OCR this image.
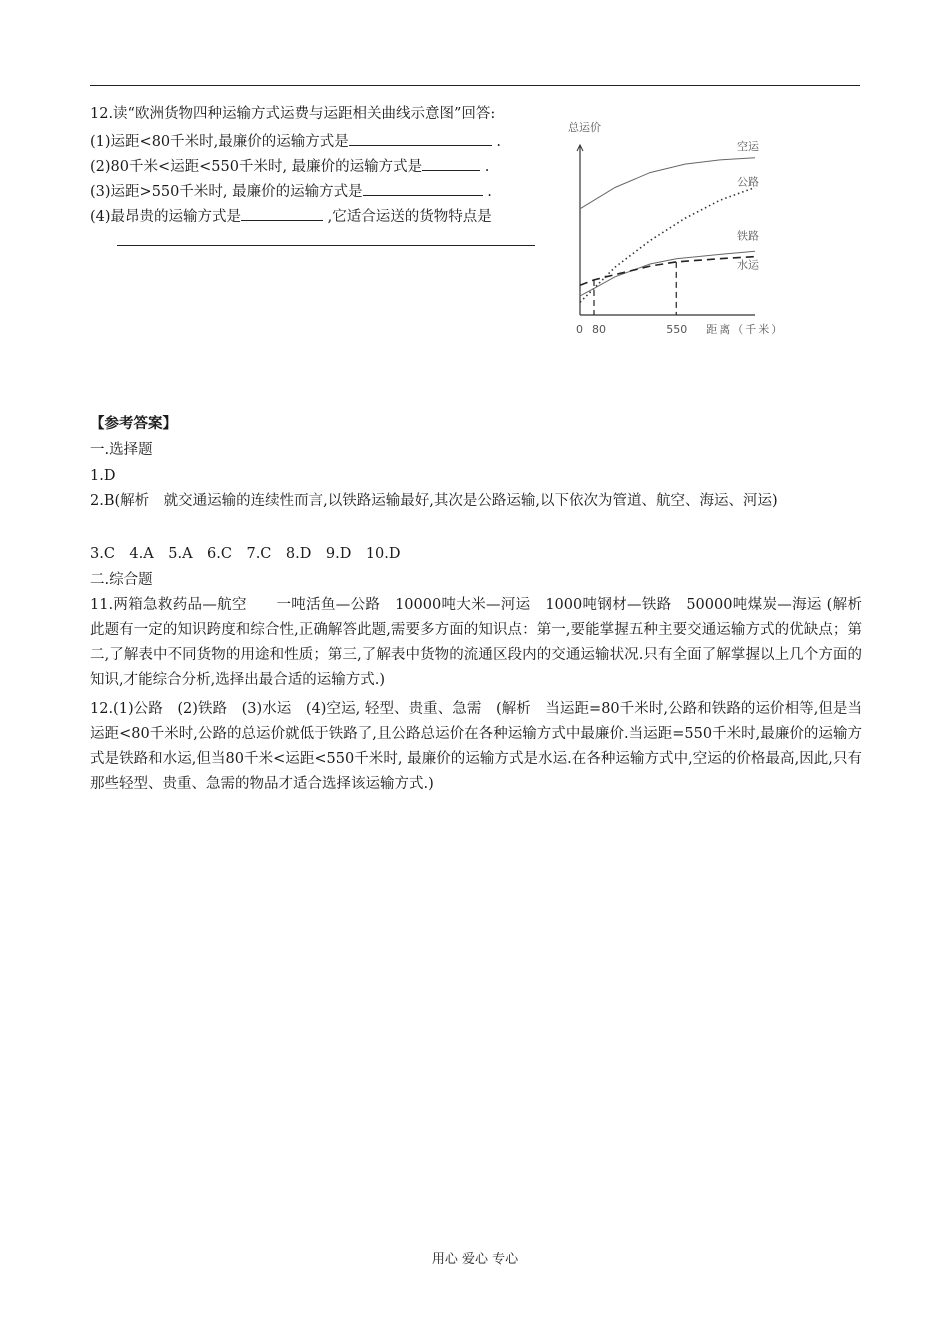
12.读“欧洲货物四种运输方式运费与运距相关曲线示意图”回答:
(1)运距<80千米时,最廉价的运输方式是	.
(2)80千米<运距<550千米时, 最廉价的运输方式是	.
(3)运距>550千米时, 最廉价的运输方式是	.
(4)最昂贵的运输方式是	,它适合运送的货物特点是
总运价
距离（千米）
0 80	550
空运
公路
铁路
水运
【参考答案】
一.选择题
1.D
2.B(解析　就交通运输的连续性而言,以铁路运输最好,其次是公路运输,以下依次为管道、航空、海运、河运)
3.C　4.A　5.A　6.C　7.C　8.D　9.D　10.D
二.综合题
11.两箱急救药品—航空　　一吨活鱼—公路　10000吨大米—河运　1000吨钢材—铁路　50000吨煤炭—海运 (解析　此题有一定的知识跨度和综合性,正确解答此题,需要多方面的知识点：第一,要能掌握五种主要交通运输方式的优缺点；第二,了解表中不同货物的用途和性质；第三,了解表中货物的流通区段内的交通运输状况.只有全面了解掌握以上几个方面的知识,才能综合分析,选择出最合适的运输方式.)
12.(1)公路　(2)铁路　(3)水运　(4)空运, 轻型、贵重、急需　(解析　当运距=80千米时,公路和铁路的运价相等,但是当运距<80千米时,公路的总运价就低于铁路了,且公路总运价在各种运输方式中最廉价.当运距=550千米时,最廉价的运输方式是铁路和水运,但当80千米<运距<550千米时, 最廉价的运输方式是水运.在各种运输方式中,空运的价格最高,因此,只有那些轻型、贵重、急需的物品才适合选择该运输方式.)
用心 爱心 专心
